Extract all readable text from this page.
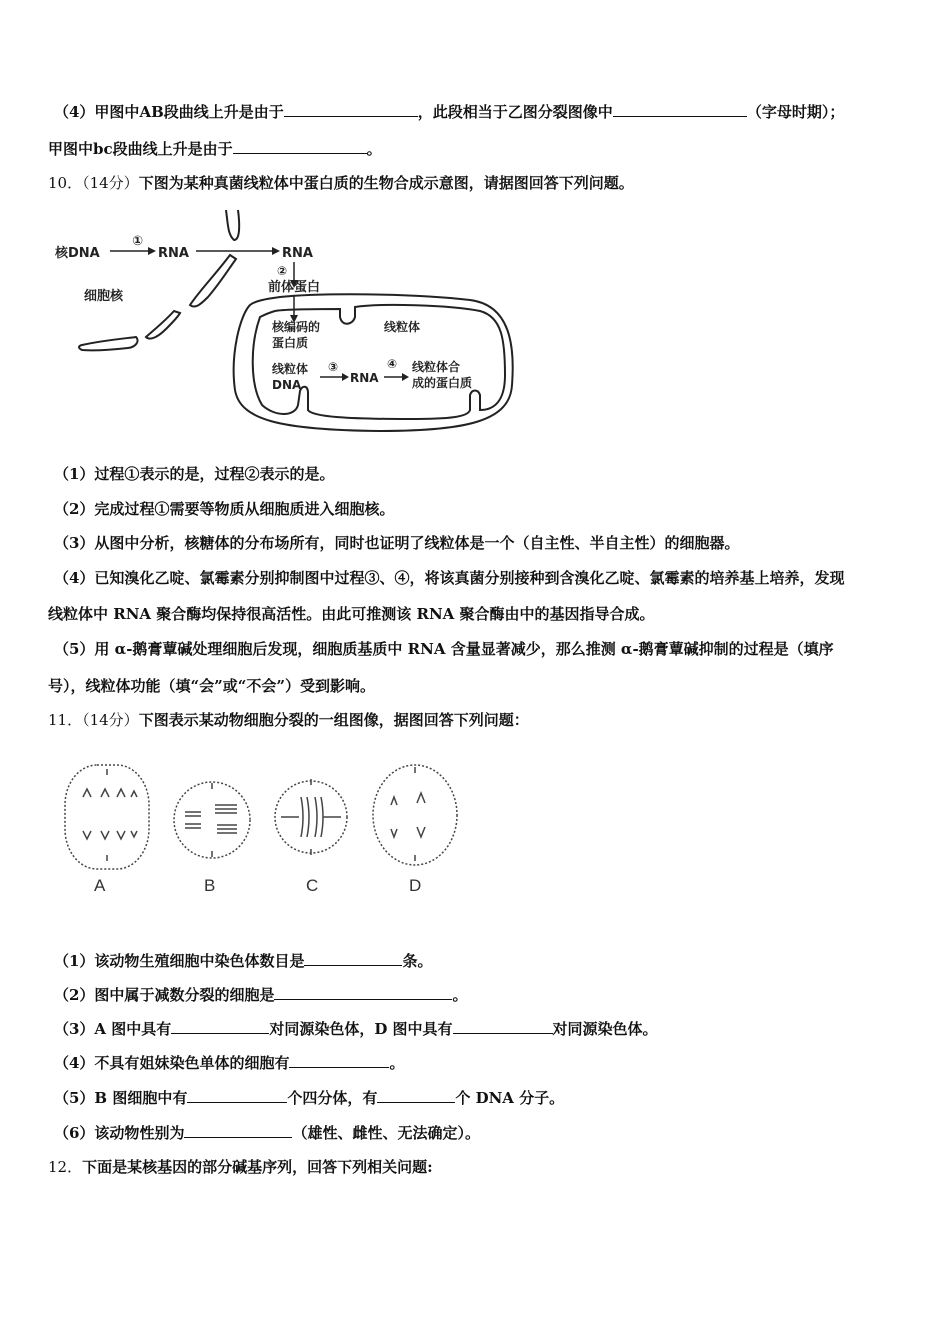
（4）甲图中AB段曲线上升是由于	，此段相当于乙图分裂图像中	（字母时期）；
甲图中bc段曲线上升是由于	。
10．（14分）下图为某种真菌线粒体中蛋白质的生物合成示意图，请据图回答下列问题。
核DNA
①
RNA
细胞核
RNA
②
前体蛋白
核编码的
蛋白质
线粒体
线粒体
DNA
③
RNA
④ 线粒体合
成的蛋白质
（1）过程①表示的是，过程②表示的是。
（2）完成过程①需要等物质从细胞质进入细胞核。
（3）从图中分析，核糖体的分布场所有，同时也证明了线粒体是一个（自主性、半自主性）的细胞器。
（4）已知溴化乙啶、氯霉素分别抑制图中过程③、④，将该真菌分别接种到含溴化乙啶、氯霉素的培养基上培养，发现
线粒体中 RNA 聚合酶均保持很高活性。由此可推测该 RNA 聚合酶由中的基因指导合成。
（5）用 α-鹅膏蕈碱处理细胞后发现，细胞质基质中 RNA 含量显著减少，那么推测 α-鹅膏蕈碱抑制的过程是（填序
号），线粒体功能（填“会”或“不会”）受到影响。
11．（14分）下图表示某动物细胞分裂的一组图像，据图回答下列问题：
A	B	C	D
（1）该动物生殖细胞中染色体数目是	条。
（2）图中属于减数分裂的细胞是	。
（3）A 图中具有	对同源染色体，D 图中具有	对同源染色体。
（4）不具有姐妹染色单体的细胞有	。
（5）B 图细胞中有	个四分体，有	个 DNA 分子。
（6）该动物性别为	（雄性、雌性、无法确定）。
12．下面是某核基因的部分碱基序列，回答下列相关问题:
